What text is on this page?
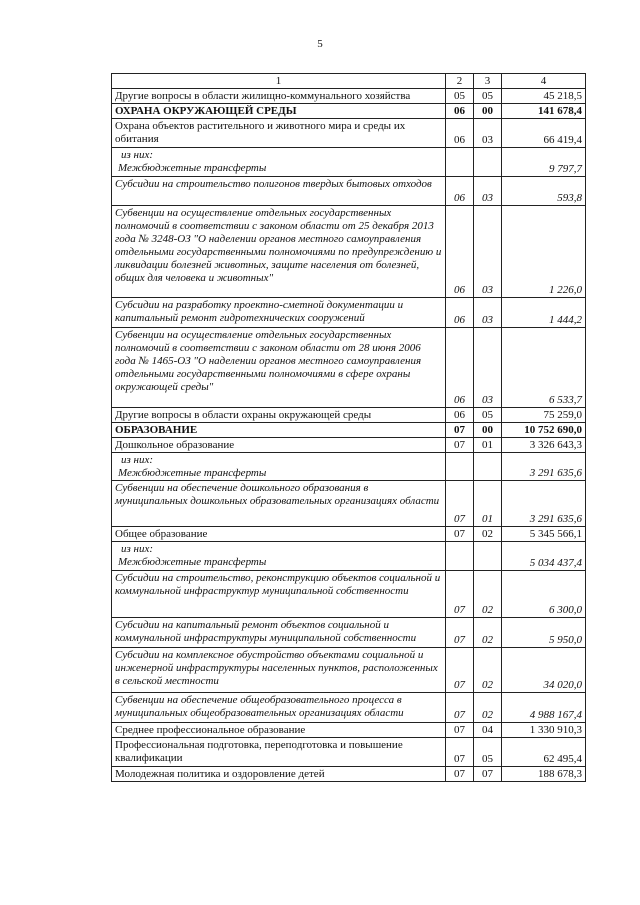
5
1	2	3	4
Другие вопросы в области жилищно-коммунального хозяйства	05	05	45 218,5
ОХРАНА ОКРУЖАЮЩЕЙ СРЕДЫ	06	00	141 678,4
Охрана объектов растительного и животного мира и среды их обитания	06	03	66 419,4

из них:
Межбюджетные трансферты			9 797,7
Субсидии на строительство полигонов твердых бытовых отходов	06	03	593,8
Субвенции на осуществление отдельных государственных полномочий в соответствии с законом области от 25 декабря 2013 года № 3248-ОЗ "О наделении органов местного самоуправления отдельными государственными полномочиями по предупреждению и ликвидации болезней животных, защите населения от болезней, общих для человека и животных"	06	03	1 226,0
Субсидии на разработку проектно-сметной документации и капитальный ремонт гидротехнических сооружений	06	03	1 444,2
Субвенции на осуществление отдельных государственных полномочий в соответствии с законом области от 28 июня 2006 года № 1465-ОЗ "О наделении органов местного самоуправления отдельными государственными полномочиями в сфере охраны окружающей среды"	06	03	6 533,7
Другие вопросы в области охраны окружающей среды	06	05	75 259,0
ОБРАЗОВАНИЕ	07	00	10 752 690,0
Дошкольное образование	07	01	3 326 643,3

из них:
Межбюджетные трансферты			3 291 635,6
Субвенции на обеспечение дошкольного образования в муниципальных дошкольных образовательных организациях области	07	01	3 291 635,6
Общее образование	07	02	5 345 566,1

из них:
Межбюджетные трансферты			5 034 437,4
Субсидии на строительство, реконструкцию объектов социальной и коммунальной инфраструктур муниципальной собственности	07	02	6 300,0
Субсидии на капитальный ремонт объектов социальной и коммунальной инфраструктуры муниципальной собственности	07	02	5 950,0
Субсидии на комплексное обустройство объектами социальной и инженерной инфраструктуры населенных пунктов, расположенных в сельской местности	07	02	34 020,0
Субвенции на обеспечение общеобразовательного процесса в муниципальных общеобразовательных организациях области	07	02	4 988 167,4
Среднее профессиональное образование	07	04	1 330 910,3
Профессиональная подготовка, переподготовка и повышение квалификации	07	05	62 495,4
Молодежная политика и оздоровление детей	07	07	188 678,3
